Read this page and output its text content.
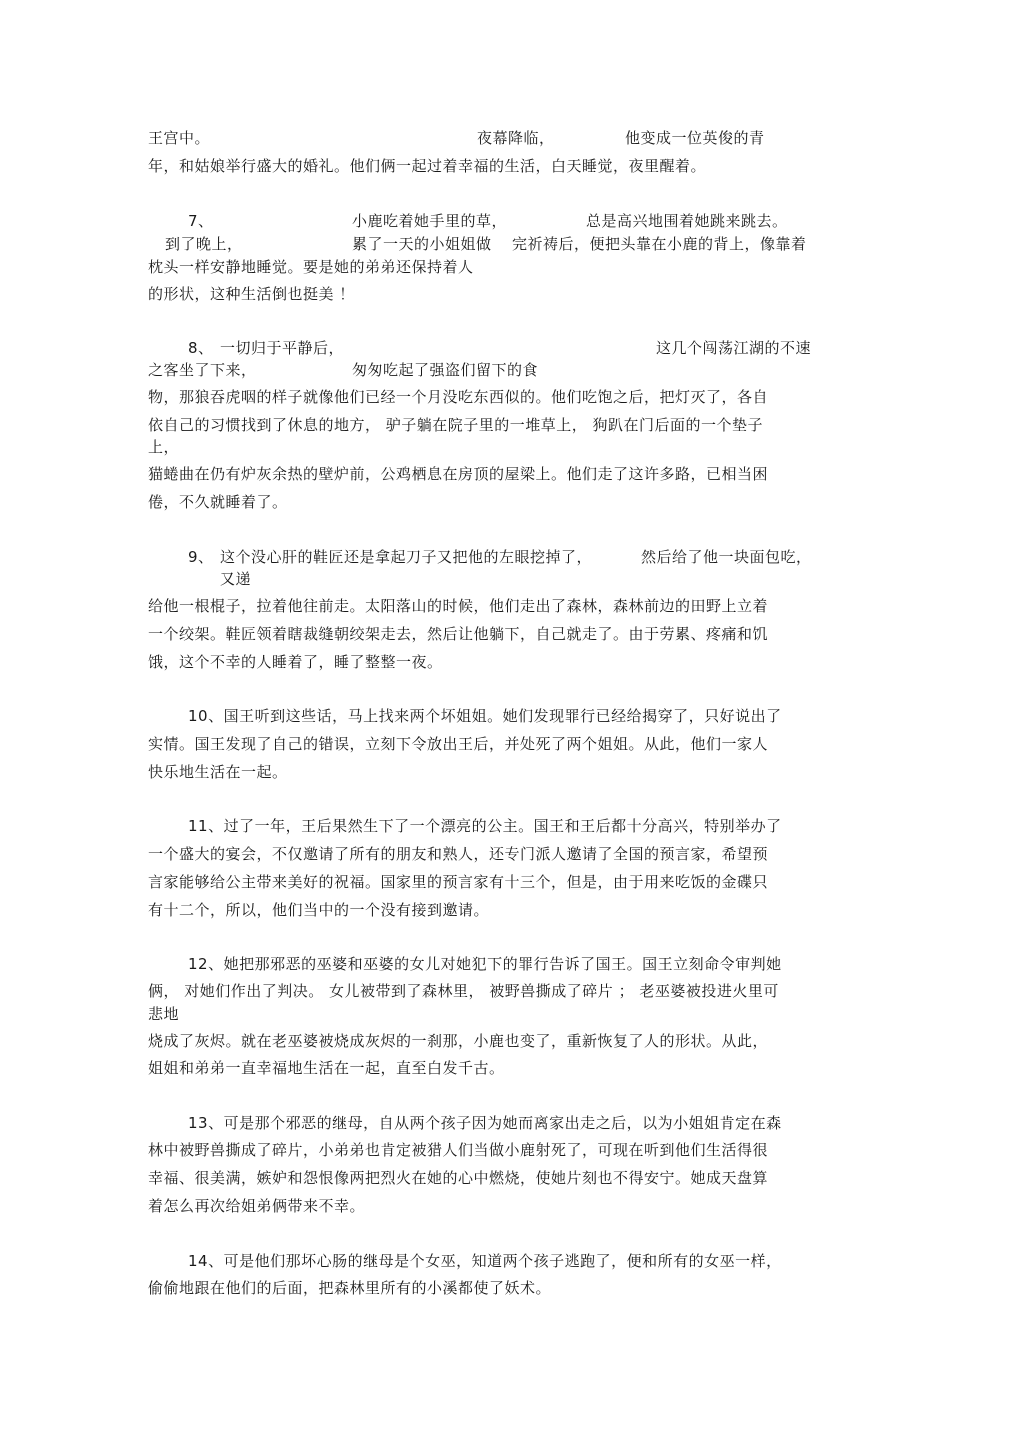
王宫中。	夜幕降临，	他变成一位英俊的青
年，和姑娘举行盛大的婚礼。他们俩一起过着幸福的生活，白天睡觉，夜里醒着。
7、	小鹿吃着她手里的草，	总是高兴地围着她跳来跳去。
到了晚上，	累了一天的小姐姐做 完祈祷后，便把头靠在小鹿的背上，像靠着
枕头一样安静地睡觉。要是她的弟弟还保持着人
的形状，这种生活倒也挺美 ！
8、 一切归于平静后，	这几个闯荡江湖的不速
之客坐了下来，	匆匆吃起了强盗们留下的食
物，那狼吞虎咽的样子就像他们已经一个月没吃东西似的。他们吃饱之后，把灯灭了，各自
依自己的习惯找到了休息的地方， 驴子躺在院子里的一堆草上， 狗趴在门后面的一个垫子
上，
猫蜷曲在仍有炉灰余热的壁炉前，公鸡栖息在房顶的屋梁上。他们走了这许多路，已相当困
倦，不久就睡着了。
9、 这个没心肝的鞋匠还是拿起刀子又把他的左眼挖掉了，	然后给了他一块面包吃，
又递
给他一根棍子，拉着他往前走。太阳落山的时候，他们走出了森林，森林前边的田野上立着
一个绞架。鞋匠领着瞎裁缝朝绞架走去，然后让他躺下，自己就走了。由于劳累、疼痛和饥
饿，这个不幸的人睡着了，睡了整整一夜。
10、国王听到这些话，马上找来两个坏姐姐。她们发现罪行已经给揭穿了，只好说出了
实情。国王发现了自己的错误，立刻下令放出王后，并处死了两个姐姐。从此，他们一家人
快乐地生活在一起。
11、过了一年，王后果然生下了一个漂亮的公主。国王和王后都十分高兴，特别举办了
一个盛大的宴会，不仅邀请了所有的朋友和熟人，还专门派人邀请了全国的预言家，希望预
言家能够给公主带来美好的祝福。国家里的预言家有十三个，但是，由于用来吃饭的金碟只
有十二个，所以，他们当中的一个没有接到邀请。
12、她把那邪恶的巫婆和巫婆的女儿对她犯下的罪行告诉了国王。国王立刻命令审判她
俩， 对她们作出了判决。 女儿被带到了森林里， 被野兽撕成了碎片 ； 老巫婆被投进火里可
悲地
烧成了灰烬。就在老巫婆被烧成灰烬的一刹那，小鹿也变了，重新恢复了人的形状。从此，
姐姐和弟弟一直幸福地生活在一起，直至白发千古。
13、可是那个邪恶的继母，自从两个孩子因为她而离家出走之后，以为小姐姐肯定在森
林中被野兽撕成了碎片，小弟弟也肯定被猎人们当做小鹿射死了，可现在听到他们生活得很
幸福、很美满，嫉妒和怨恨像两把烈火在她的心中燃烧，使她片刻也不得安宁。她成天盘算
着怎么再次给姐弟俩带来不幸。
14、可是他们那坏心肠的继母是个女巫，知道两个孩子逃跑了，便和所有的女巫一样，
偷偷地跟在他们的后面，把森林里所有的小溪都使了妖术。
